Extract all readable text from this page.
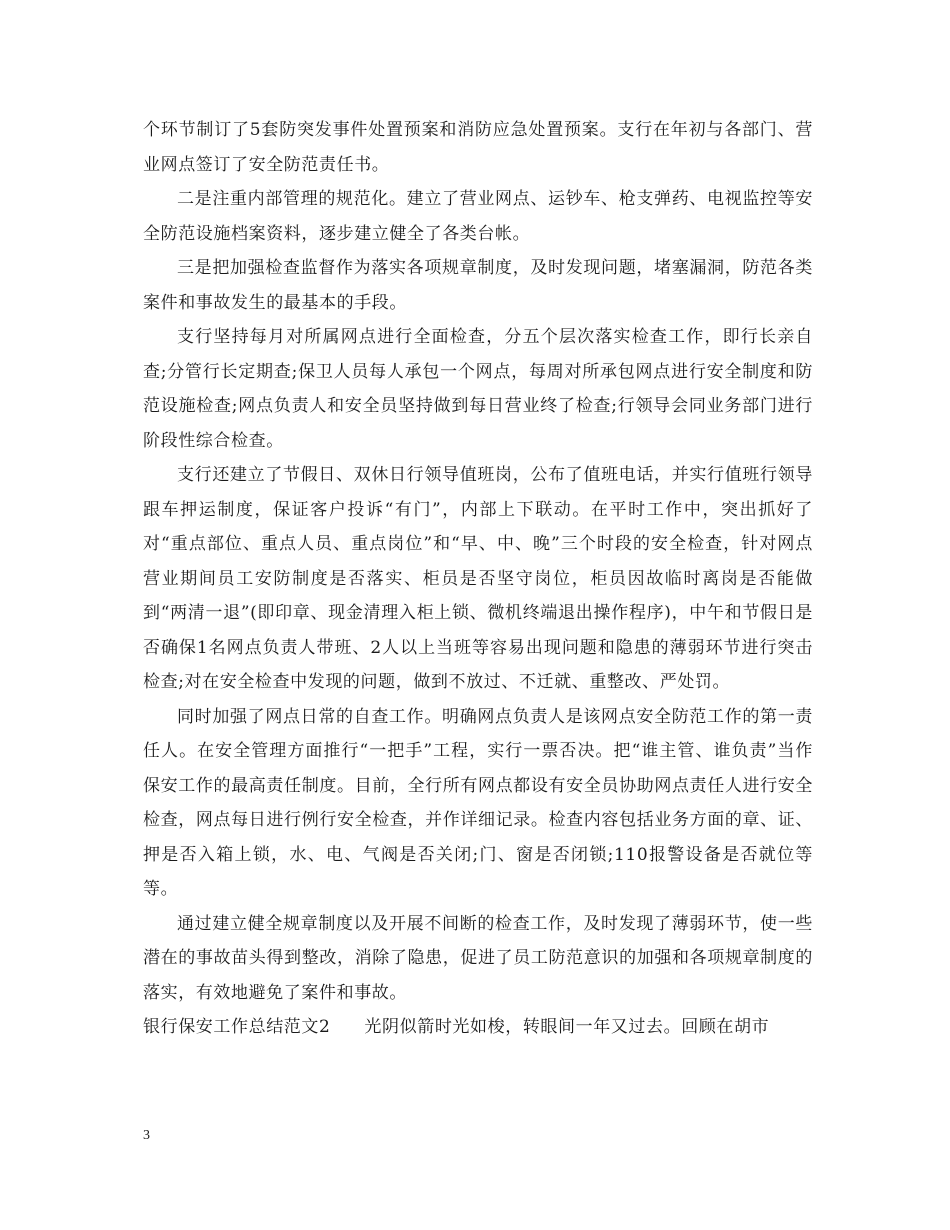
个环节制订了5套防突发事件处置预案和消防应急处置预案。支行在年初与各部门、营业网点签订了安全防范责任书。

二是注重内部管理的规范化。建立了营业网点、运钞车、枪支弹药、电视监控等安全防范设施档案资料，逐步建立健全了各类台帐。

三是把加强检查监督作为落实各项规章制度，及时发现问题，堵塞漏洞，防范各类案件和事故发生的最基本的手段。

支行坚持每月对所属网点进行全面检查，分五个层次落实检查工作，即行长亲自查;分管行长定期查;保卫人员每人承包一个网点，每周对所承包网点进行安全制度和防范设施检查;网点负责人和安全员坚持做到每日营业终了检查;行领导会同业务部门进行阶段性综合检查。

支行还建立了节假日、双休日行领导值班岗，公布了值班电话，并实行值班行领导跟车押运制度，保证客户投诉“有门”，内部上下联动。在平时工作中，突出抓好了对“重点部位、重点人员、重点岗位”和“早、中、晚”三个时段的安全检查，针对网点营业期间员工安防制度是否落实、柜员是否坚守岗位，柜员因故临时离岗是否能做到“两清一退”(即印章、现金清理入柜上锁、微机终端退出操作程序)，中午和节假日是否确保1名网点负责人带班、2人以上当班等容易出现问题和隐患的薄弱环节进行突击检查;对在安全检查中发现的问题，做到不放过、不迁就、重整改、严处罚。

同时加强了网点日常的自查工作。明确网点负责人是该网点安全防范工作的第一责任人。在安全管理方面推行“一把手”工程，实行一票否决。把“谁主管、谁负责”当作保安工作的最高责任制度。目前，全行所有网点都设有安全员协助网点责任人进行安全检查，网点每日进行例行安全检查，并作详细记录。检查内容包括业务方面的章、证、押是否入箱上锁，水、电、气阀是否关闭;门、窗是否闭锁;110报警设备是否就位等等。

通过建立健全规章制度以及开展不间断的检查工作，及时发现了薄弱环节，使一些潜在的事故苗头得到整改，消除了隐患，促进了员工防范意识的加强和各项规章制度的落实，有效地避免了案件和事故。

银行保安工作总结范文2 光阴似箭时光如梭，转眼间一年又过去。回顾在胡市

3
